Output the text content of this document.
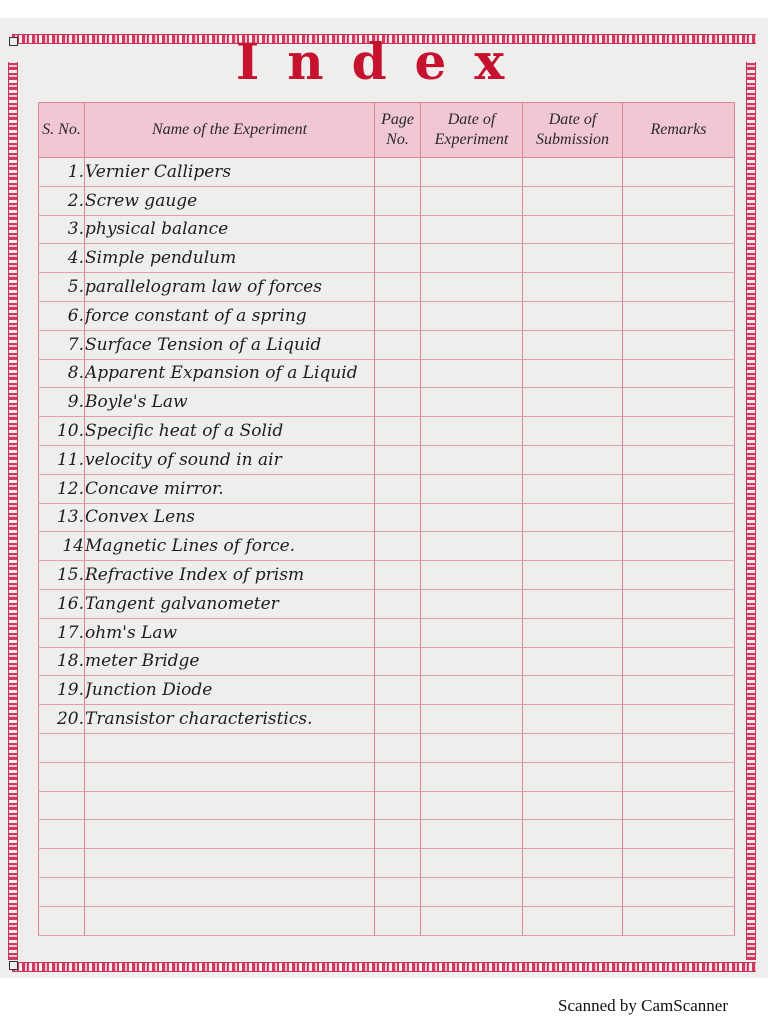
Index
S. No.	Name of the Experiment	Page No.	Date of Experiment	Date of Submission	Remarks
1.	Vernier Callipers				
2.	Screw gauge				
3.	physical balance				
4.	Simple pendulum				
5.	parallelogram law of forces				
6.	force constant of a spring				
7.	Surface Tension of a Liquid				
8.	Apparent Expansion of a Liquid				
9.	Boyle's Law				
10.	Specific heat of a Solid				
11.	velocity of sound in air				
12.	Concave mirror.				
13.	Convex Lens				
14	Magnetic Lines of force.				
15.	Refractive Index of prism				
16.	Tangent galvanometer				
17.	ohm's Law				
18.	meter Bridge				
19.	Junction Diode				
20.	Transistor characteristics.				

Scanned by CamScanner
